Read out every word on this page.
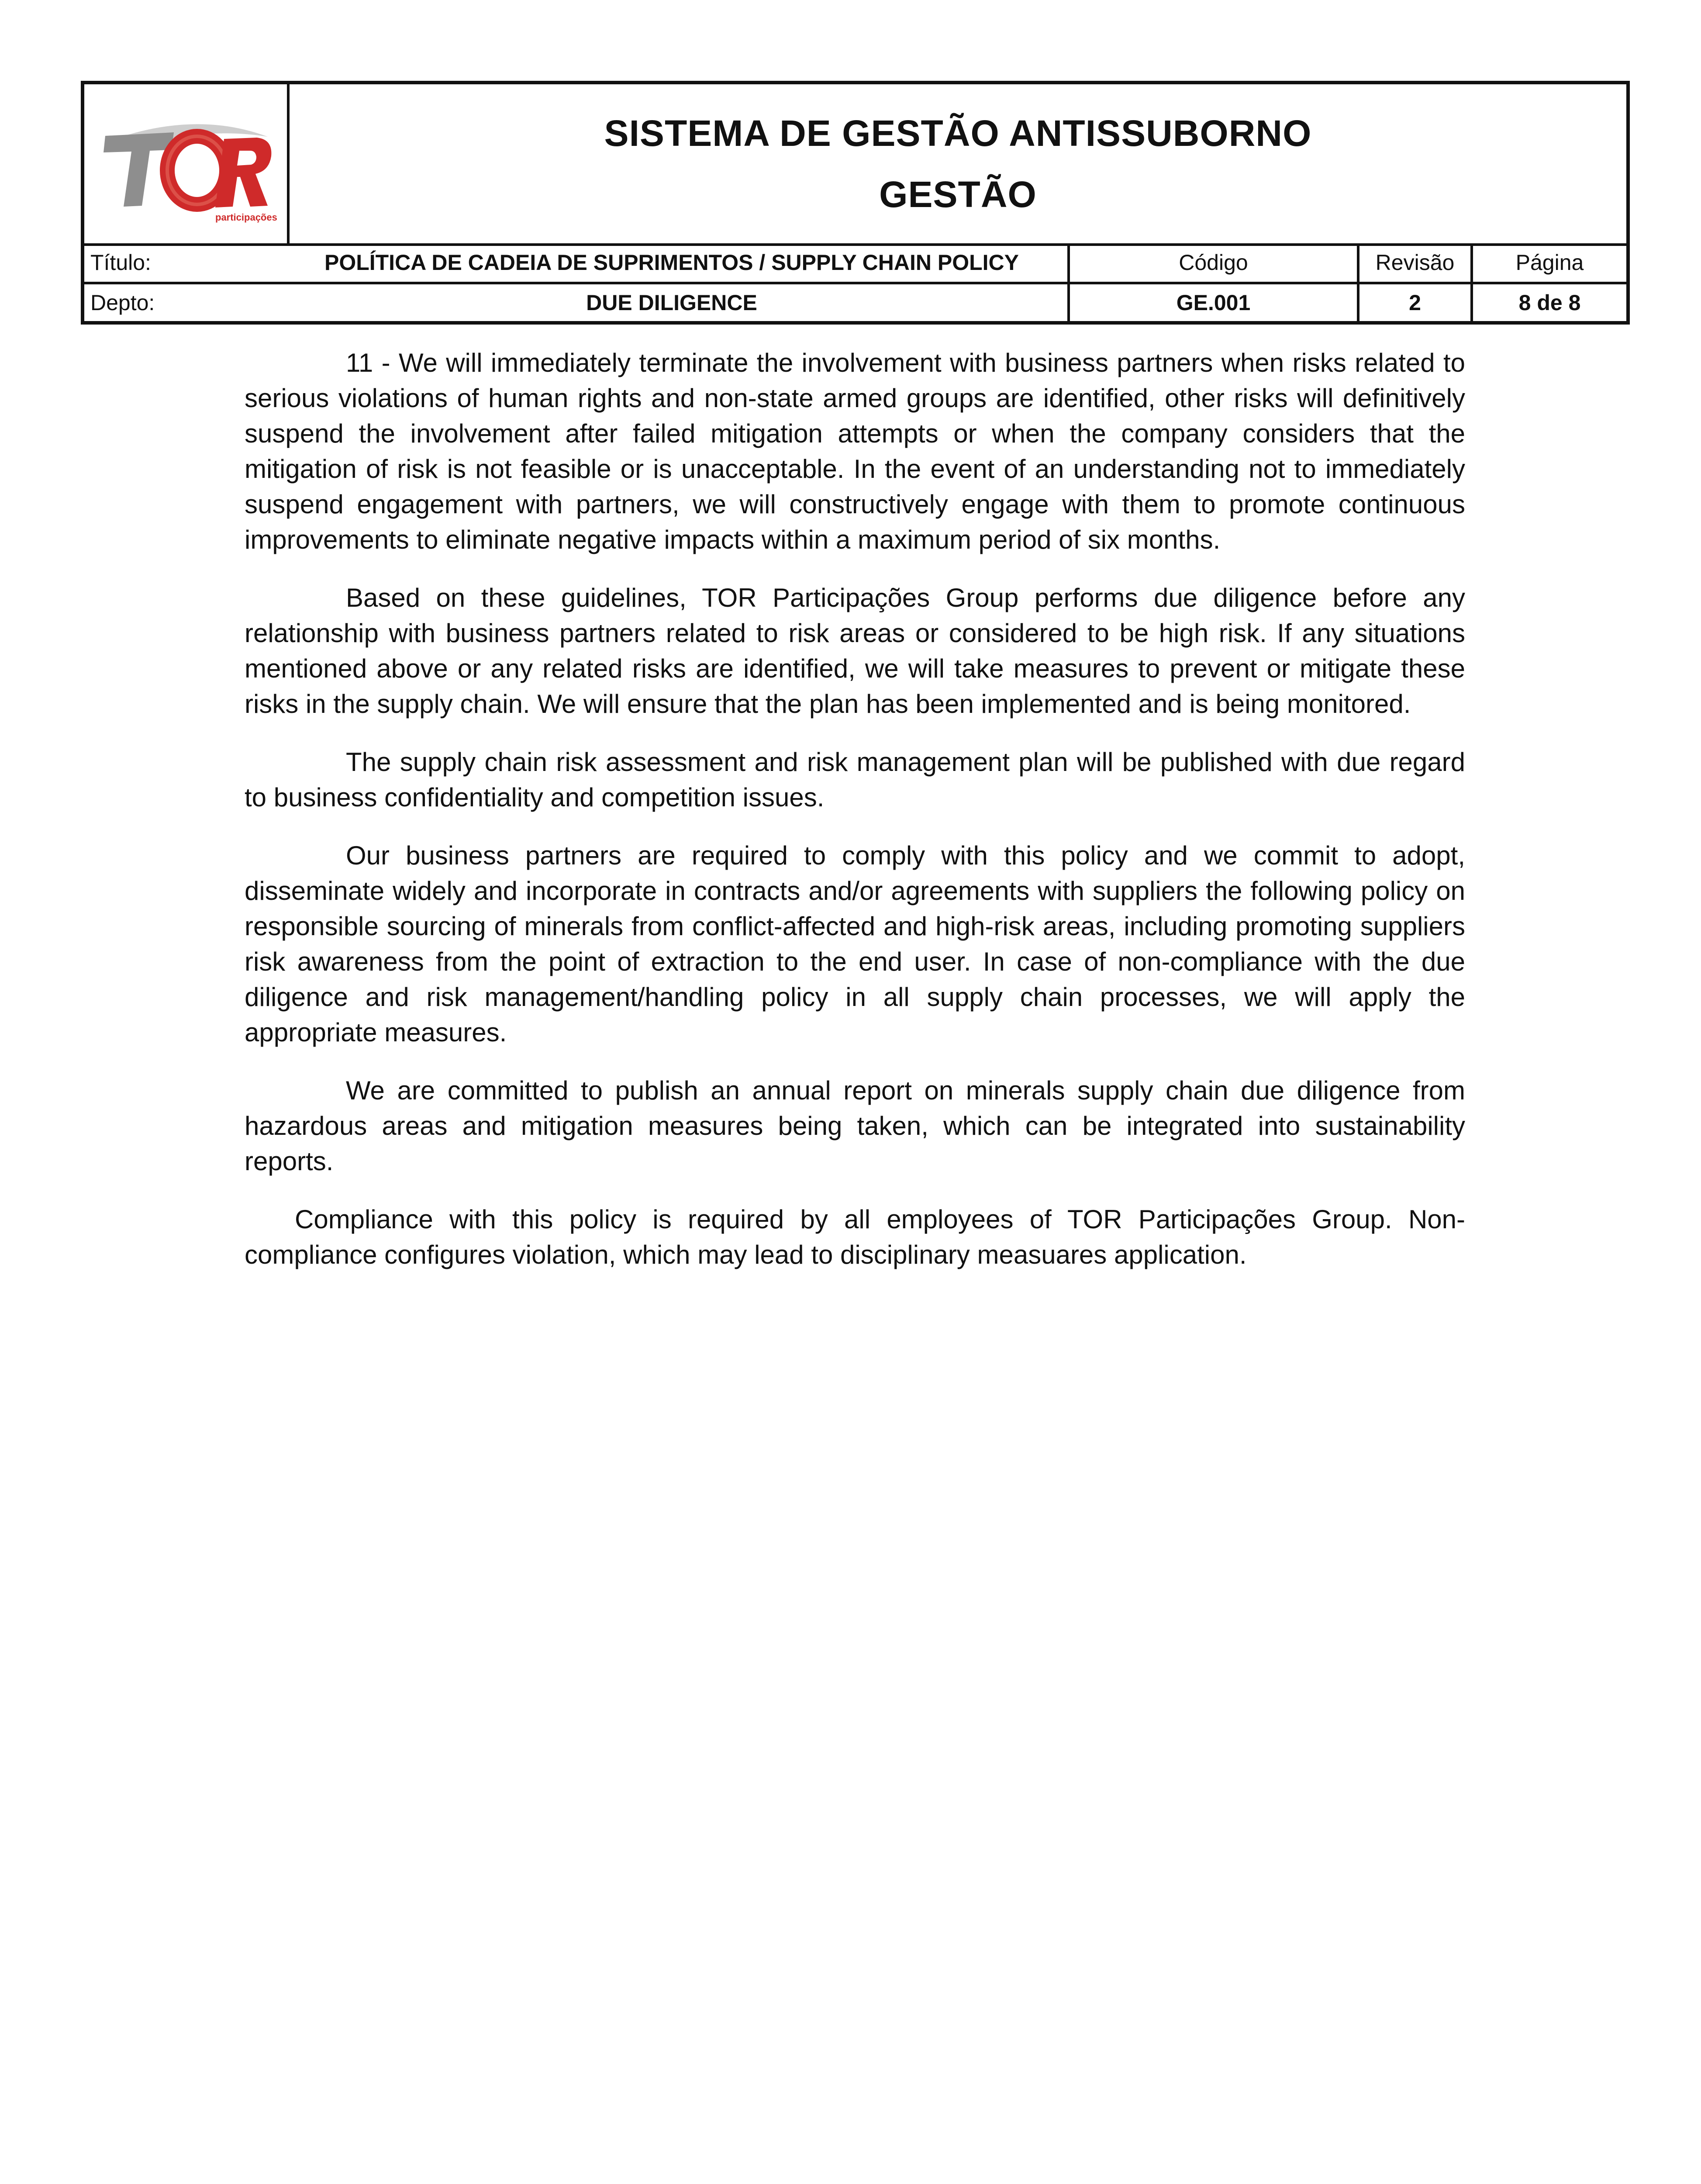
participações
SISTEMA DE GESTÃO ANTISSUBORNO
GESTÃO
Título:	POLÍTICA DE CADEIA DE SUPRIMENTOS / SUPPLY CHAIN POLICY	Código	Revisão	Página
Depto:	DUE DILIGENCE	GE.001	2	8 de 8

11 - We will immediately terminate the involvement with business partners when risks related to serious violations of human rights and non-state armed groups are identified, other risks will definitively suspend the involvement after failed mitigation attempts or when the company considers that the mitigation of risk is not feasible or is unacceptable. In the event of an understanding not to immediately suspend engagement with partners, we will constructively engage with them to promote continuous improvements to eliminate negative impacts within a maximum period of six months.

Based on these guidelines, TOR Participações Group performs due diligence before any relationship with business partners related to risk areas or considered to be high risk. If any situations mentioned above or any related risks are identified, we will take measures to prevent or mitigate these risks in the supply chain. We will ensure that the plan has been implemented and is being monitored.

The supply chain risk assessment and risk management plan will be published with due regard to business confidentiality and competition issues.

Our business partners are required to comply with this policy and we commit to adopt, disseminate widely and incorporate in contracts and/or agreements with suppliers the following policy on responsible sourcing of minerals from conflict-affected and high-risk areas, including promoting suppliers risk awareness from the point of extraction to the end user. In case of non-compliance with the due diligence and risk management/handling policy in all supply chain processes, we will apply the appropriate measures.

We are committed to publish an annual report on minerals supply chain due diligence from hazardous areas and mitigation measures being taken, which can be integrated into sustainability reports.

Compliance with this policy is required by all employees of TOR Participações Group. Non-compliance configures violation, which may lead to disciplinary measuares application.
